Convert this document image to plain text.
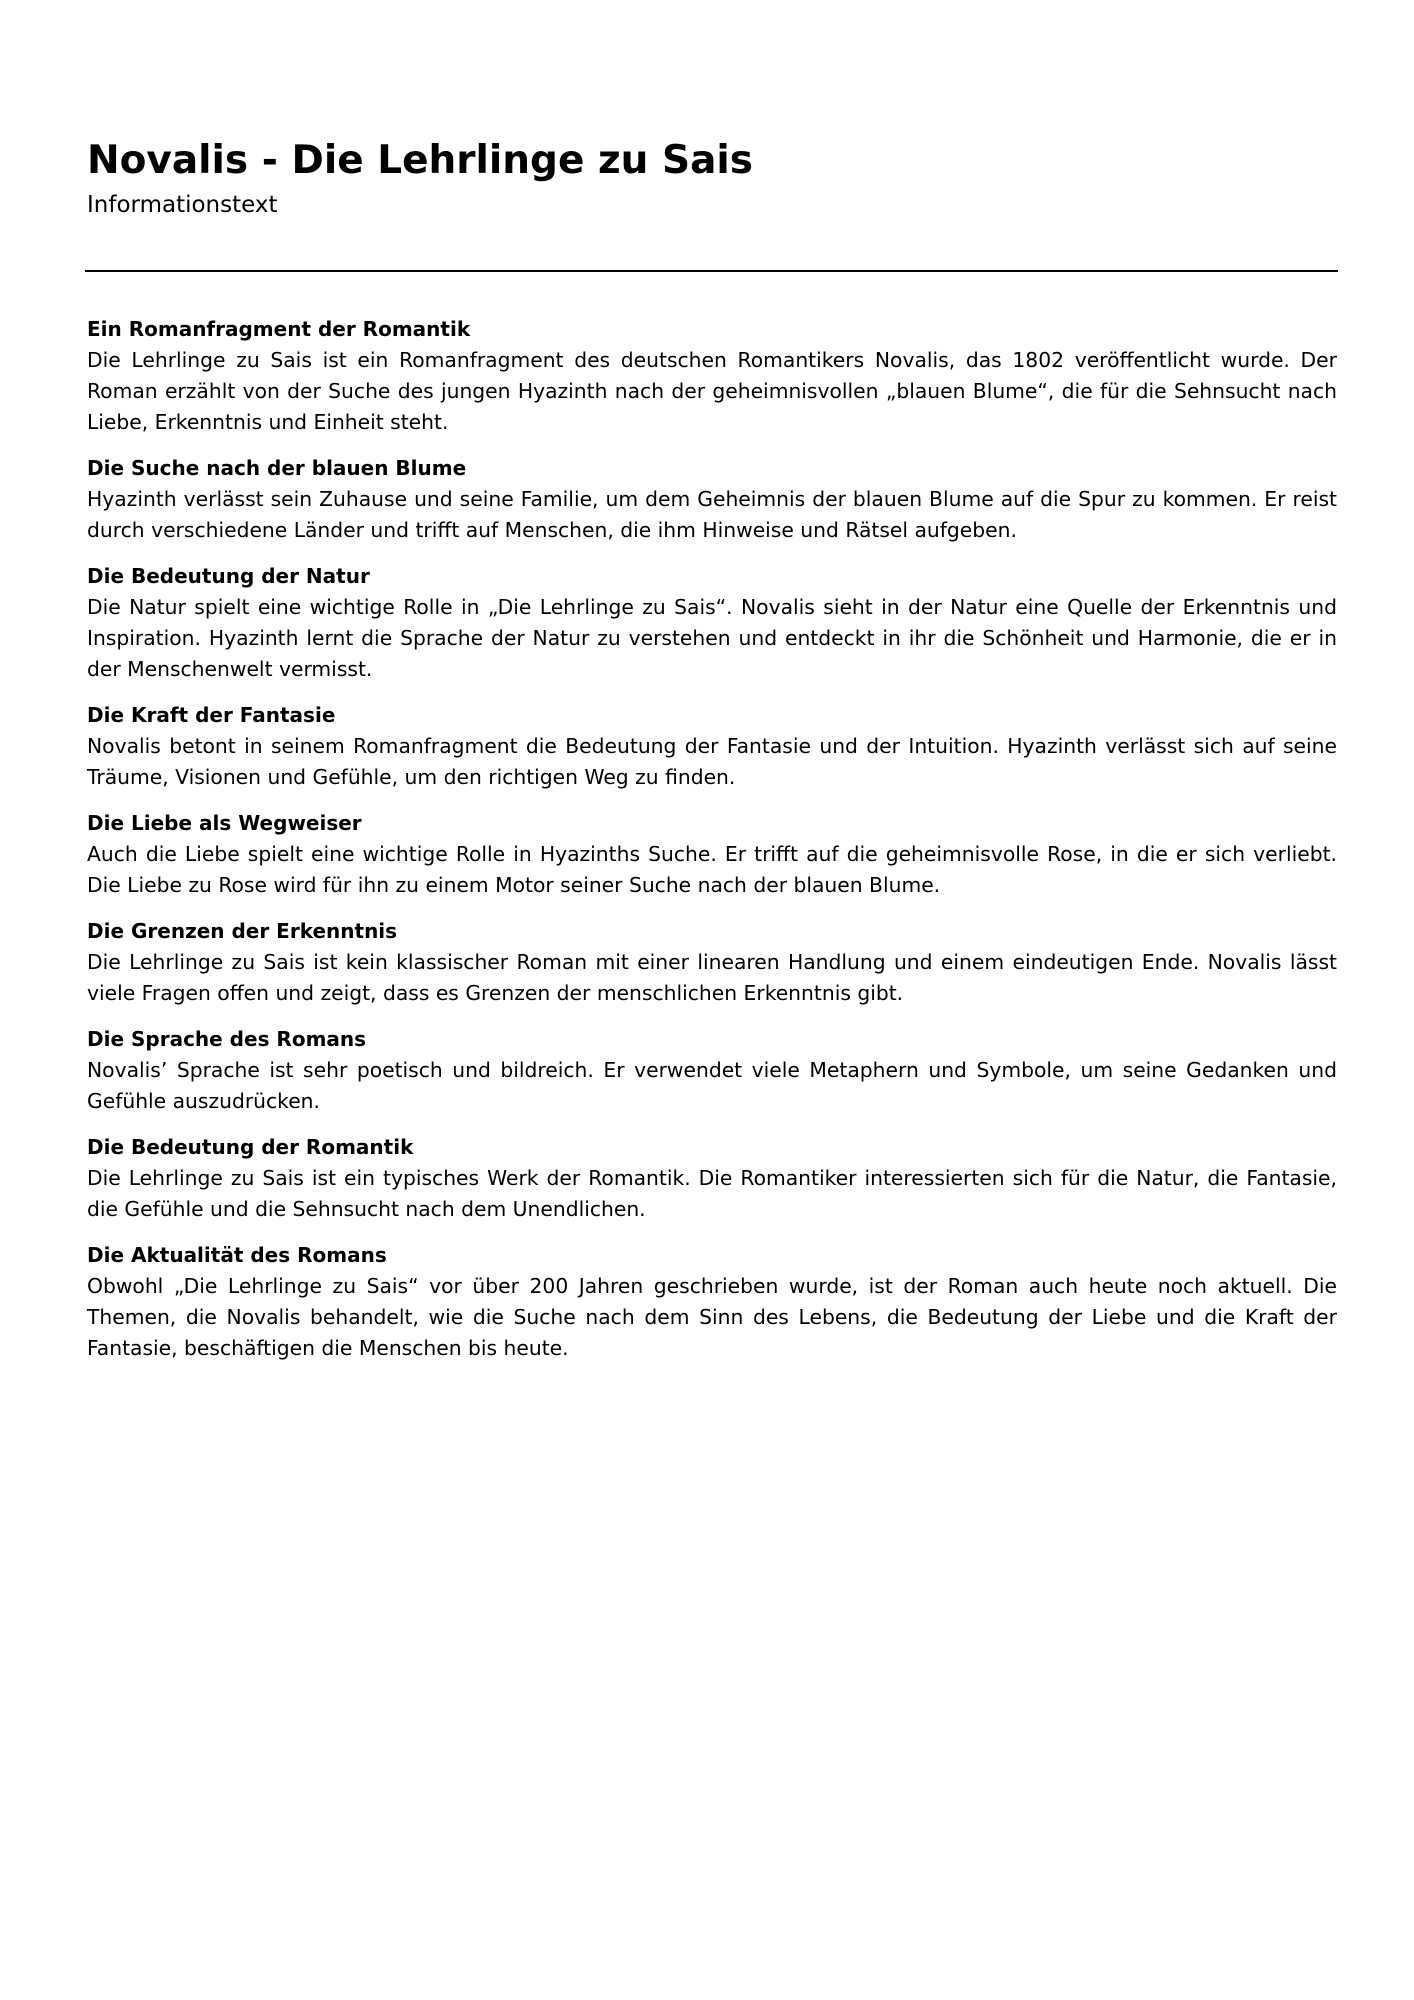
Novalis - Die Lehrlinge zu Sais

Informationstext

Ein Romanfragment der Romantik

Die Lehrlinge zu Sais ist ein Romanfragment des deutschen Romantikers Novalis, das 1802 veröffentlicht wurde. Der Roman erzählt von der Suche des jungen Hyazinth nach der geheimnisvollen „blauen Blume“, die für die Sehnsucht nach Liebe, Erkenntnis und Einheit steht.

Die Suche nach der blauen Blume

Hyazinth verlässt sein Zuhause und seine Familie, um dem Geheimnis der blauen Blume auf die Spur zu kommen. Er reist durch verschiedene Länder und trifft auf Menschen, die ihm Hinweise und Rätsel aufgeben.

Die Bedeutung der Natur

Die Natur spielt eine wichtige Rolle in „Die Lehrlinge zu Sais“. Novalis sieht in der Natur eine Quelle der Erkenntnis und Inspiration. Hyazinth lernt die Sprache der Natur zu verstehen und entdeckt in ihr die Schönheit und Harmonie, die er in der Menschenwelt vermisst.

Die Kraft der Fantasie

Novalis betont in seinem Romanfragment die Bedeutung der Fantasie und der Intuition. Hyazinth verlässt sich auf seine Träume, Visionen und Gefühle, um den richtigen Weg zu finden.

Die Liebe als Wegweiser

Auch die Liebe spielt eine wichtige Rolle in Hyazinths Suche. Er trifft auf die geheimnisvolle Rose, in die er sich verliebt. Die Liebe zu Rose wird für ihn zu einem Motor seiner Suche nach der blauen Blume.

Die Grenzen der Erkenntnis

Die Lehrlinge zu Sais ist kein klassischer Roman mit einer linearen Handlung und einem eindeutigen Ende. Novalis lässt viele Fragen offen und zeigt, dass es Grenzen der menschlichen Erkenntnis gibt.

Die Sprache des Romans

Novalis’ Sprache ist sehr poetisch und bildreich. Er verwendet viele Metaphern und Symbole, um seine Gedanken und Gefühle auszudrücken.

Die Bedeutung der Romantik

Die Lehrlinge zu Sais ist ein typisches Werk der Romantik. Die Romantiker interessierten sich für die Natur, die Fantasie, die Gefühle und die Sehnsucht nach dem Unendlichen.

Die Aktualität des Romans

Obwohl „Die Lehrlinge zu Sais“ vor über 200 Jahren geschrieben wurde, ist der Roman auch heute noch aktuell. Die Themen, die Novalis behandelt, wie die Suche nach dem Sinn des Lebens, die Bedeutung der Liebe und die Kraft der Fantasie, beschäftigen die Menschen bis heute.
